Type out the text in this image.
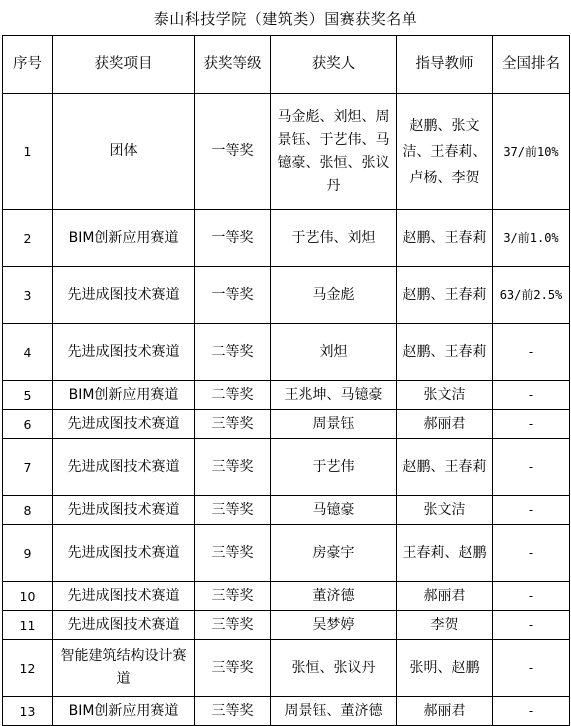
泰山科技学院（建筑类）国赛获奖名单
序号	获奖项目	获奖等级	获奖人	指导教师	全国排名
1	团体	一等奖	马金彪、刘炟、周景钰、于艺伟、马镱豪、张恒、张议丹	赵鹏、张文洁、王春莉、卢杨、李贺	37/前10%
2	BIM创新应用赛道	一等奖	于艺伟、刘炟	赵鹏、王春莉	3/前1.0%
3	先进成图技术赛道	一等奖	马金彪	赵鹏、王春莉	63/前2.5%
4	先进成图技术赛道	二等奖	刘炟	赵鹏、王春莉	-
5	BIM创新应用赛道	二等奖	王兆坤、马镱豪	张文洁	-
6	先进成图技术赛道	三等奖	周景钰	郝丽君	-
7	先进成图技术赛道	三等奖	于艺伟	赵鹏、王春莉	-
8	先进成图技术赛道	三等奖	马镱豪	张文洁	-
9	先进成图技术赛道	三等奖	房豪宇	王春莉、赵鹏	-
10	先进成图技术赛道	三等奖	董济德	郝丽君	-
11	先进成图技术赛道	三等奖	吴梦婷	李贺	-
12	智能建筑结构设计赛道	三等奖	张恒、张议丹	张明、赵鹏	-
13	BIM创新应用赛道	三等奖	周景钰、董济德	郝丽君	-
